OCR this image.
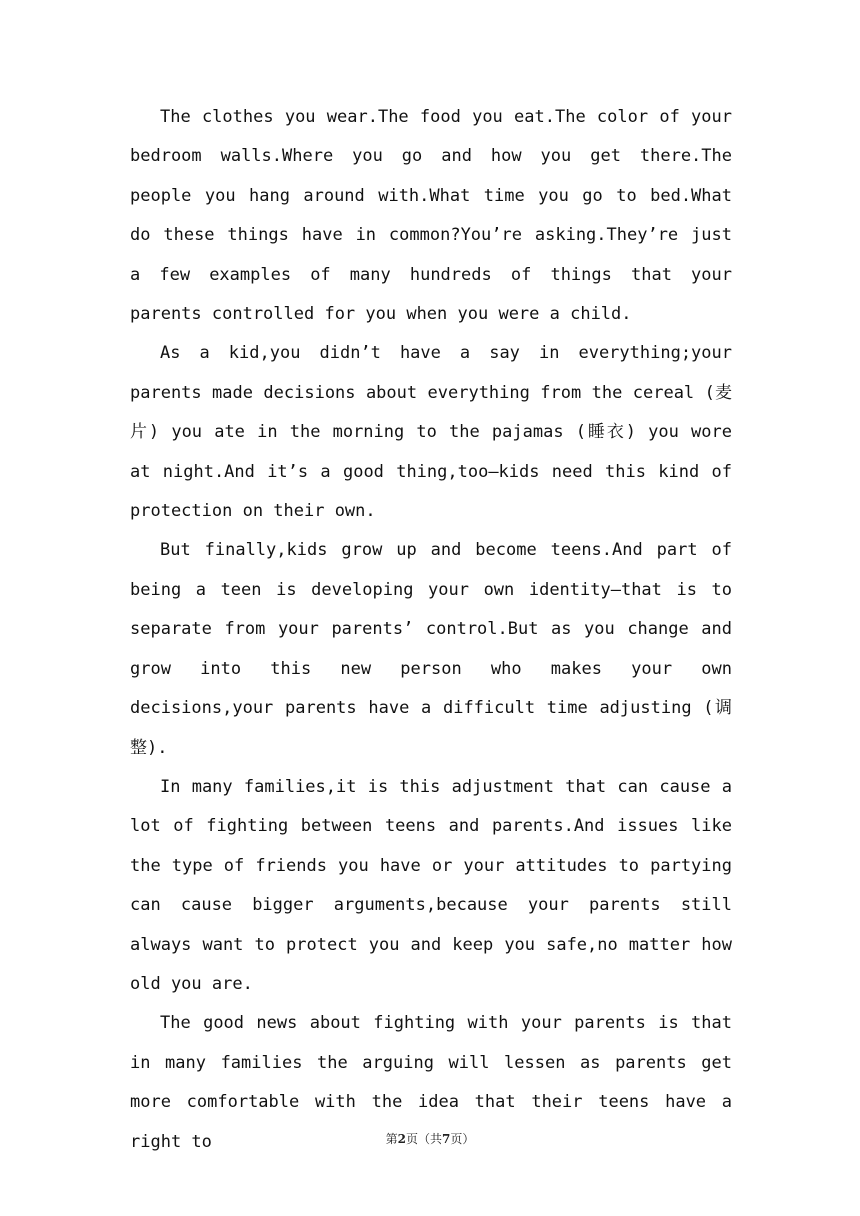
The clothes you wear.The food you eat.The color of your bedroom walls.Where you go and how you get there.The people you hang around with.What time you go to bed.What do these things have in common?You’re asking.They’re just a few examples of many hundreds of things that your parents controlled for you when you were a child.

As a kid,you didn’t have a say in everything;your parents made decisions about everything from the cereal (麦片) you ate in the morning to the pajamas (睡衣) you wore at night.And it’s a good thing,too—kids need this kind of protection on their own.

But finally,kids grow up and become teens.And part of being a teen is developing your own identity—that is to separate from your parents’ control.But as you change and grow into this new person who makes your own decisions,your parents have a difficult time adjusting (调整).

In many families,it is this adjustment that can cause a lot of fighting between teens and parents.And issues like the type of friends you have or your attitudes to partying can cause bigger arguments,because your parents still always want to protect you and keep you safe,no matter how old you are.

The good news about fighting with your parents is that in many families the arguing will lessen as parents get more comfortable with the idea that their teens have a right to	第2页（共7页）
